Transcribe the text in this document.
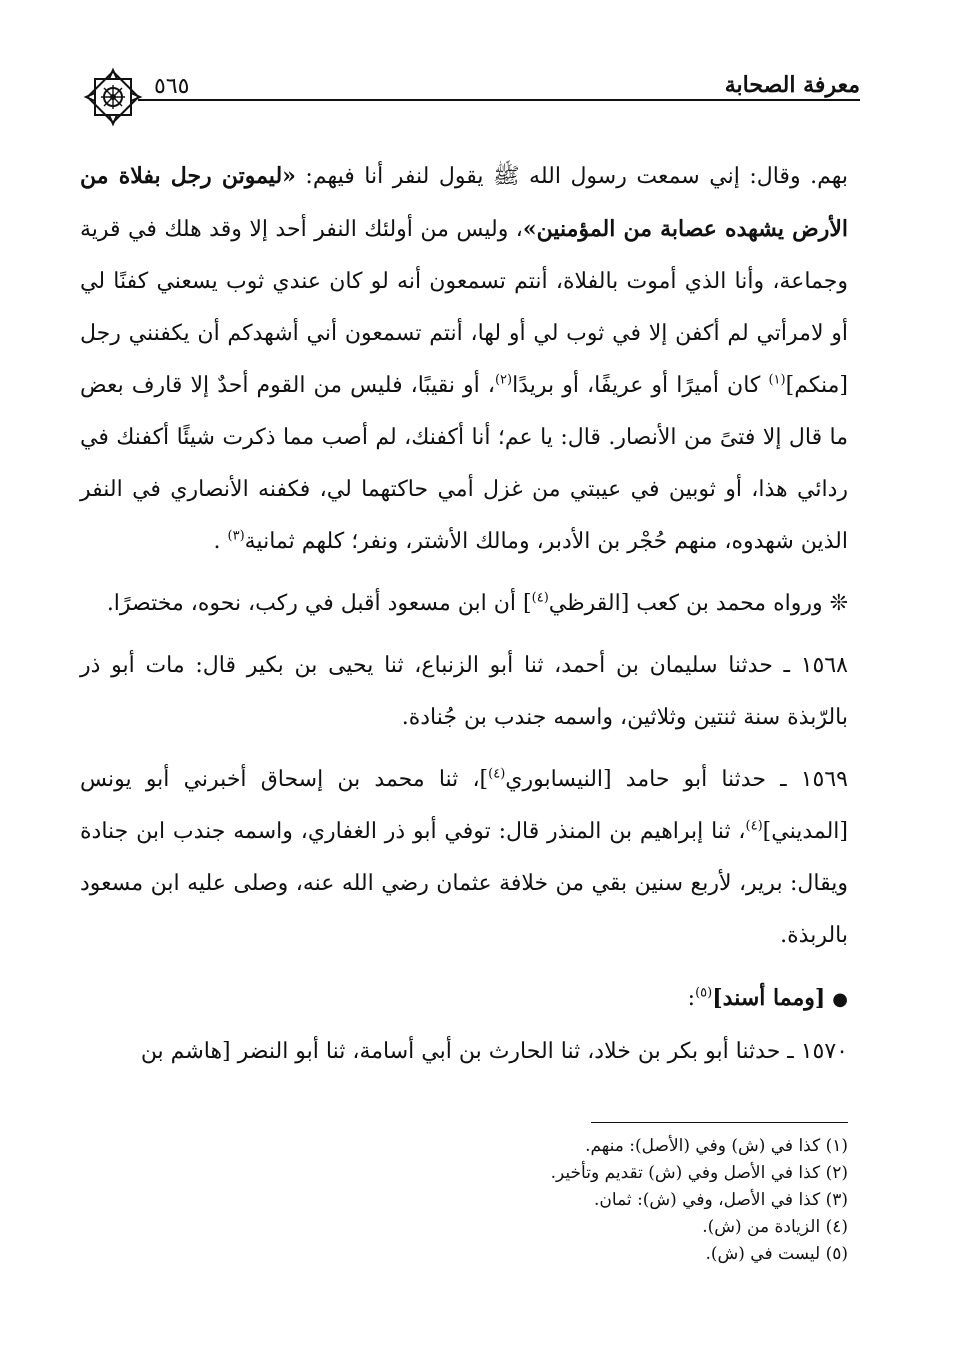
٥٦٥	معرفة الصحابة

بهم. وقال: إني سمعت رسول الله ﷺ يقول لنفر أنا فيهم: «ليموتن رجل بفلاة من الأرض يشهده عصابة من المؤمنين»، وليس من أولئك النفر أحد إلا وقد هلك في قرية وجماعة، وأنا الذي أموت بالفلاة، أنتم تسمعون أنه لو كان عندي ثوب يسعني كفنًا لي أو لامرأتي لم أكفن إلا في ثوب لي أو لها، أنتم تسمعون أني أشهدكم أن يكفنني رجل [منكم]$^{(١)}$ كان أميرًا أو عريفًا، أو بريدًا$^{(٢)}$، أو نقيبًا، فليس من القوم أحدٌ إلا قارف بعض ما قال إلا فتىً من الأنصار. قال: يا عم؛ أنا أكفنك، لم أصب مما ذكرت شيئًا أكفنك في ردائي هذا، أو ثوبين في عيبتي من غزل أمي حاكتهما لي، فكفنه الأنصاري في النفر الذين شهدوه، منهم حُجْر بن الأدبر، ومالك الأشتر، ونفر؛ كلهم ثمانية$^{(٣)}$ .

❊ ورواه محمد بن كعب [القرظي$^{(٤)}$] أن ابن مسعود أقبل في ركب، نحوه، مختصرًا.

١٥٦٨ ـ حدثنا سليمان بن أحمد، ثنا أبو الزنباع، ثنا يحيى بن بكير قال: مات أبو ذر بالرّبذة سنة ثنتين وثلاثين، واسمه جندب بن جُنادة.

١٥٦٩ ـ حدثنا أبو حامد [النيسابوري$^{(٤)}$]، ثنا محمد بن إسحاق أخبرني أبو يونس [المديني]$^{(٤)}$، ثنا إبراهيم بن المنذر قال: توفي أبو ذر الغفاري، واسمه جندب ابن جنادة ويقال: برير، لأربع سنين بقي من خلافة عثمان رضي الله عنه، وصلى عليه ابن مسعود بالربذة.

● [ومما أسند]$^{(٥)}$:

١٥٧٠ ـ حدثنا أبو بكر بن خلاد، ثنا الحارث بن أبي أسامة، ثنا أبو النضر [هاشم بن

(١) كذا في (ش) وفي (الأصل): منهم.

(٢) كذا في الأصل وفي (ش) تقديم وتأخير.

(٣) كذا في الأصل، وفي (ش): ثمان.

(٤) الزيادة من (ش).

(٥) ليست في (ش).
